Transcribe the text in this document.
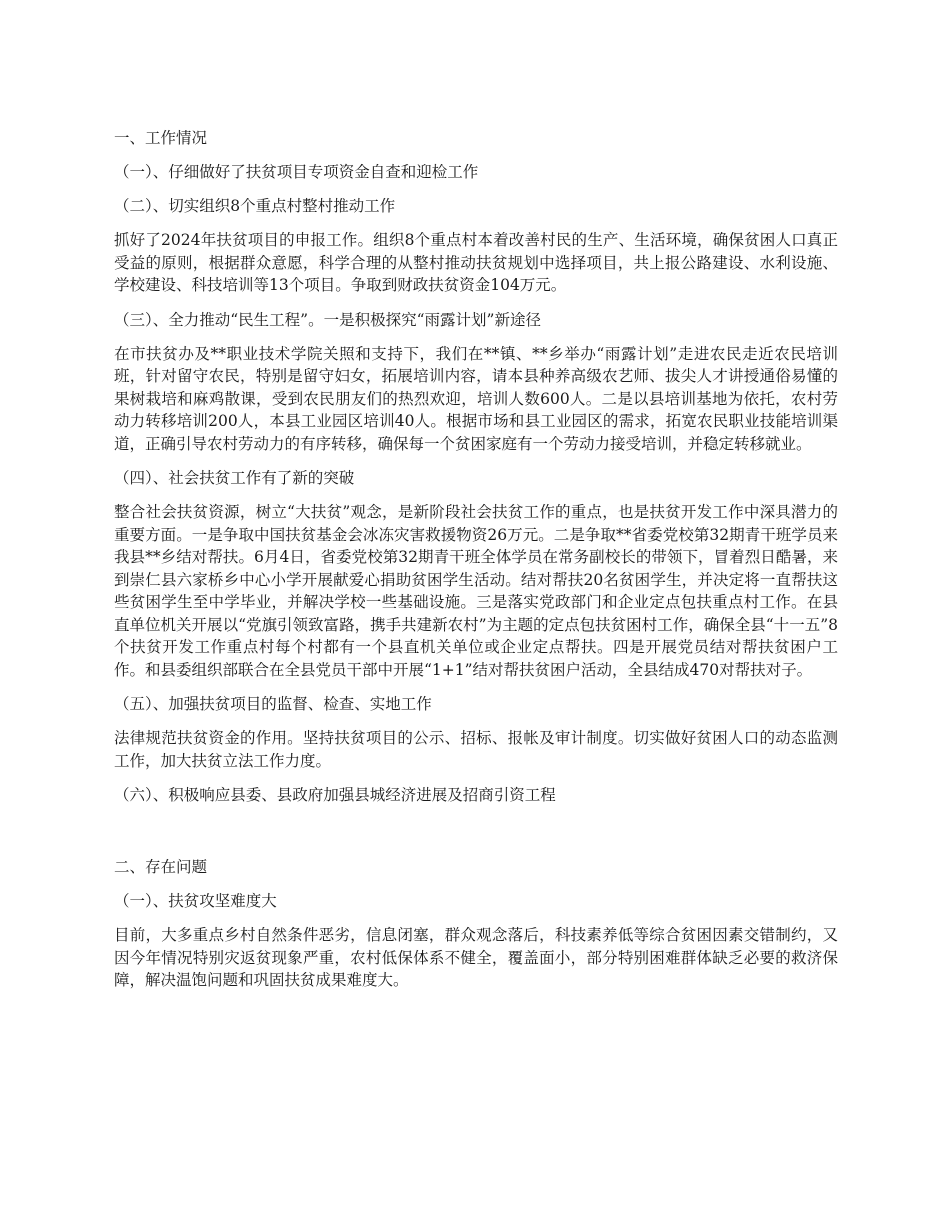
一、工作情况
（一）、仔细做好了扶贫项目专项资金自查和迎检工作
（二）、切实组织8个重点村整村推动工作
抓好了2024年扶贫项目的申报工作。组织8个重点村本着改善村民的生产、生活环境，确保贫困人口真正受益的原则，根据群众意愿，科学合理的从整村推动扶贫规划中选择项目，共上报公路建设、水利设施、学校建设、科技培训等13个项目。争取到财政扶贫资金104万元。
（三）、全力推动“民生工程”。一是积极探究“雨露计划”新途径
在市扶贫办及**职业技术学院关照和支持下，我们在**镇、**乡举办“雨露计划”走进农民走近农民培训班，针对留守农民，特别是留守妇女，拓展培训内容，请本县种养高级农艺师、拔尖人才讲授通俗易懂的果树栽培和麻鸡散课，受到农民朋友们的热烈欢迎，培训人数600人。二是以县培训基地为依托，农村劳动力转移培训200人，本县工业园区培训40人。根据市场和县工业园区的需求，拓宽农民职业技能培训渠道，正确引导农村劳动力的有序转移，确保每一个贫困家庭有一个劳动力接受培训，并稳定转移就业。
（四）、社会扶贫工作有了新的突破
整合社会扶贫资源，树立“大扶贫”观念，是新阶段社会扶贫工作的重点，也是扶贫开发工作中深具潜力的重要方面。一是争取中国扶贫基金会冰冻灾害救援物资26万元。二是争取**省委党校第32期青干班学员来我县**乡结对帮扶。6月4日，省委党校第32期青干班全体学员在常务副校长的带领下，冒着烈日酷暑，来到崇仁县六家桥乡中心小学开展献爱心捐助贫困学生活动。结对帮扶20名贫困学生，并决定将一直帮扶这些贫困学生至中学毕业，并解决学校一些基础设施。三是落实党政部门和企业定点包扶重点村工作。在县直单位机关开展以“党旗引领致富路，携手共建新农村”为主题的定点包扶贫困村工作，确保全县“十一五”8个扶贫开发工作重点村每个村都有一个县直机关单位或企业定点帮扶。四是开展党员结对帮扶贫困户工作。和县委组织部联合在全县党员干部中开展“1+1”结对帮扶贫困户活动，全县结成470对帮扶对子。
（五）、加强扶贫项目的监督、检查、实地工作
法律规范扶贫资金的作用。坚持扶贫项目的公示、招标、报帐及审计制度。切实做好贫困人口的动态监测工作，加大扶贫立法工作力度。
（六）、积极响应县委、县政府加强县城经济进展及招商引资工程
二、存在问题
（一）、扶贫攻坚难度大
目前，大多重点乡村自然条件恶劣，信息闭塞，群众观念落后，科技素养低等综合贫困因素交错制约，又因今年情况特别灾返贫现象严重，农村低保体系不健全，覆盖面小，部分特别困难群体缺乏必要的救济保障，解决温饱问题和巩固扶贫成果难度大。
